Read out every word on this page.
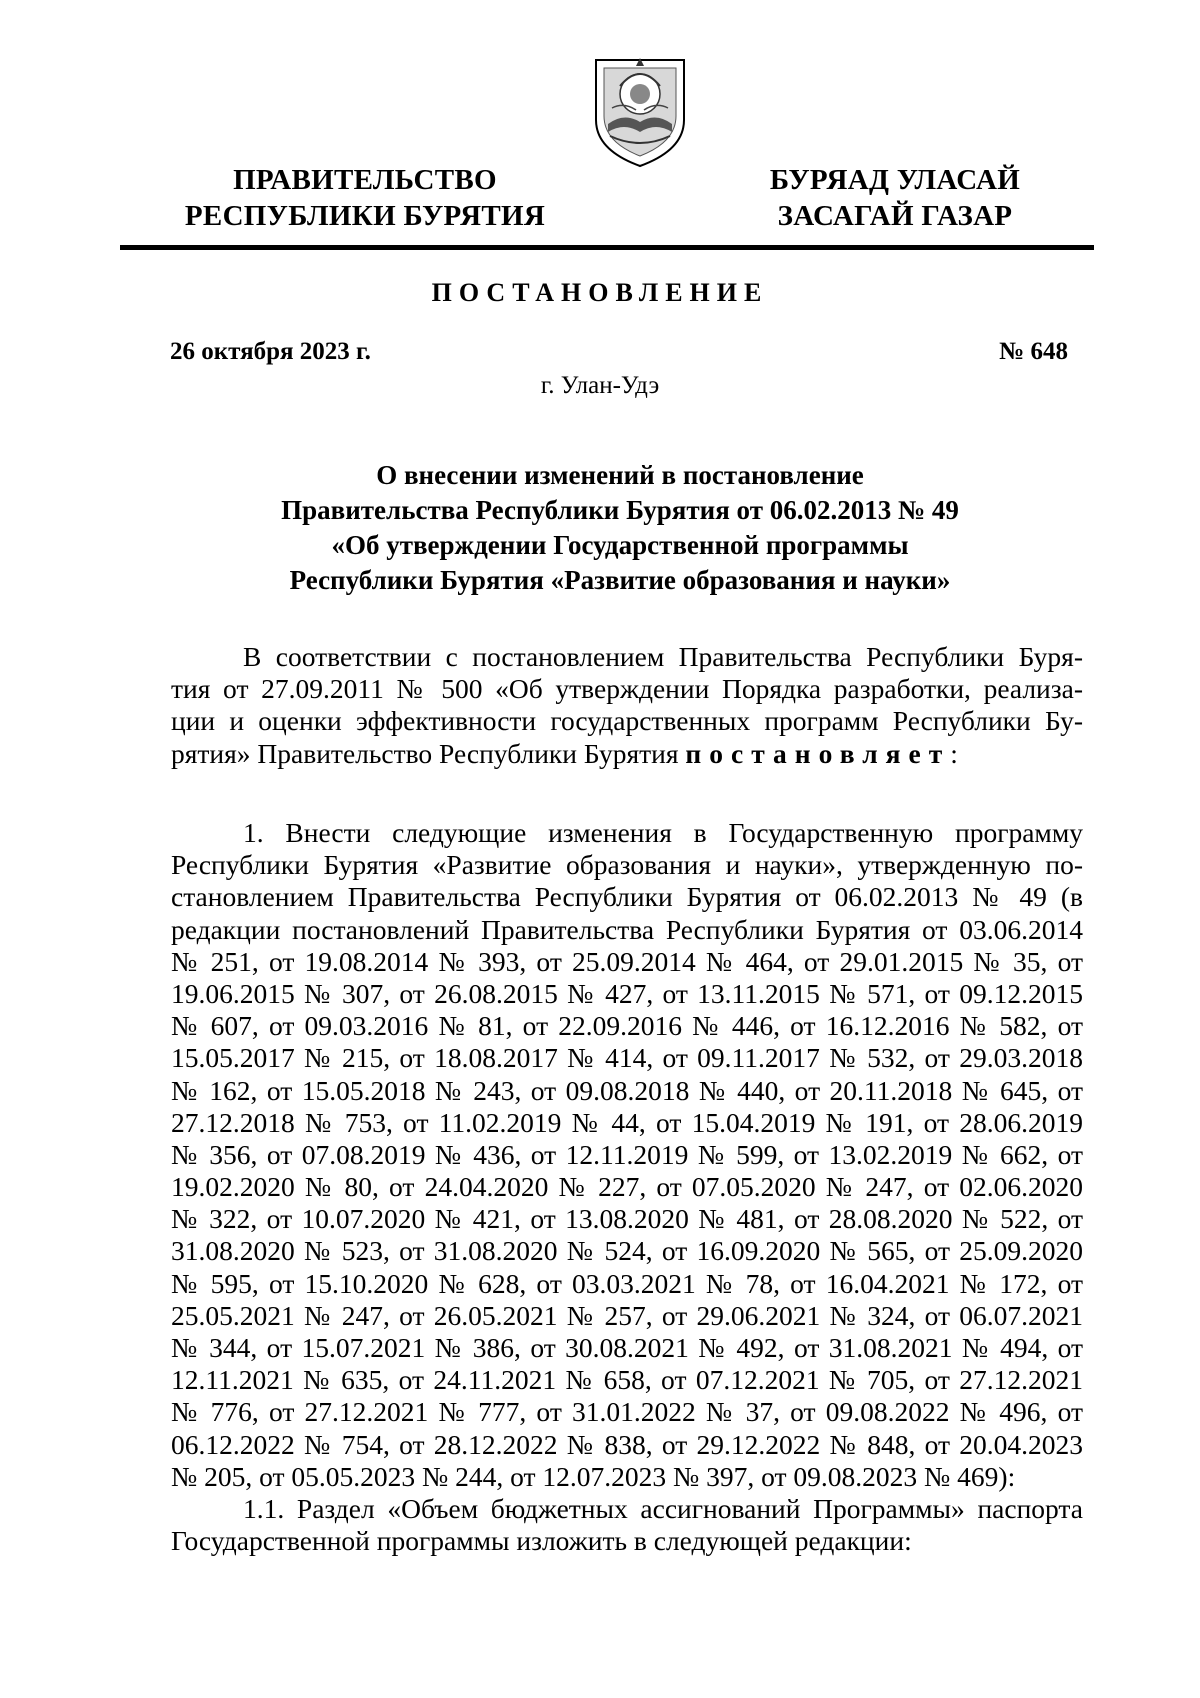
ПРАВИТЕЛЬСТВО
РЕСПУБЛИКИ БУРЯТИЯ
БУРЯАД УЛАСАЙ
ЗАСАГАЙ ГАЗАР
ПОСТАНОВЛЕНИЕ
26 октября 2023 г.	№ 648
г. Улан-Удэ
О внесении изменений в постановление
Правительства Республики Бурятия от 06.02.2013 № 49
«Об утверждении Государственной программы
Республики Бурятия «Развитие образования и науки»
В соответствии с постановлением Правительства Республики Буря-
тия от 27.09.2011 № 500 «Об утверждении Порядка разработки, реализа-
ции и оценки эффективности государственных программ Республики Бу-
рятия» Правительство Республики Бурятия постановляет:
1. Внести следующие изменения в Государственную программу
Республики Бурятия «Развитие образования и науки», утвержденную по-
становлением Правительства Республики Бурятия от 06.02.2013 № 49 (в
редакции постановлений Правительства Республики Бурятия от 03.06.2014
№ 251, от 19.08.2014 № 393, от 25.09.2014 № 464, от 29.01.2015 № 35, от
19.06.2015 № 307, от 26.08.2015 № 427, от 13.11.2015 № 571, от 09.12.2015
№ 607, от 09.03.2016 № 81, от 22.09.2016 № 446, от 16.12.2016 № 582, от
15.05.2017 № 215, от 18.08.2017 № 414, от 09.11.2017 № 532, от 29.03.2018
№ 162, от 15.05.2018 № 243, от 09.08.2018 № 440, от 20.11.2018 № 645, от
27.12.2018 № 753, от 11.02.2019 № 44, от 15.04.2019 № 191, от 28.06.2019
№ 356, от 07.08.2019 № 436, от 12.11.2019 № 599, от 13.02.2019 № 662, от
19.02.2020 № 80, от 24.04.2020 № 227, от 07.05.2020 № 247, от 02.06.2020
№ 322, от 10.07.2020 № 421, от 13.08.2020 № 481, от 28.08.2020 № 522, от
31.08.2020 № 523, от 31.08.2020 № 524, от 16.09.2020 № 565, от 25.09.2020
№ 595, от 15.10.2020 № 628, от 03.03.2021 № 78, от 16.04.2021 № 172, от
25.05.2021 № 247, от 26.05.2021 № 257, от 29.06.2021 № 324, от 06.07.2021
№ 344, от 15.07.2021 № 386, от 30.08.2021 № 492, от 31.08.2021 № 494, от
12.11.2021 № 635, от 24.11.2021 № 658, от 07.12.2021 № 705, от 27.12.2021
№ 776, от 27.12.2021 № 777, от 31.01.2022 № 37, от 09.08.2022 № 496, от
06.12.2022 № 754, от 28.12.2022 № 838, от 29.12.2022 № 848, от 20.04.2023
№ 205, от 05.05.2023 № 244, от 12.07.2023 № 397, от 09.08.2023 № 469):
1.1. Раздел «Объем бюджетных ассигнований Программы» паспорта
Государственной программы изложить в следующей редакции:
